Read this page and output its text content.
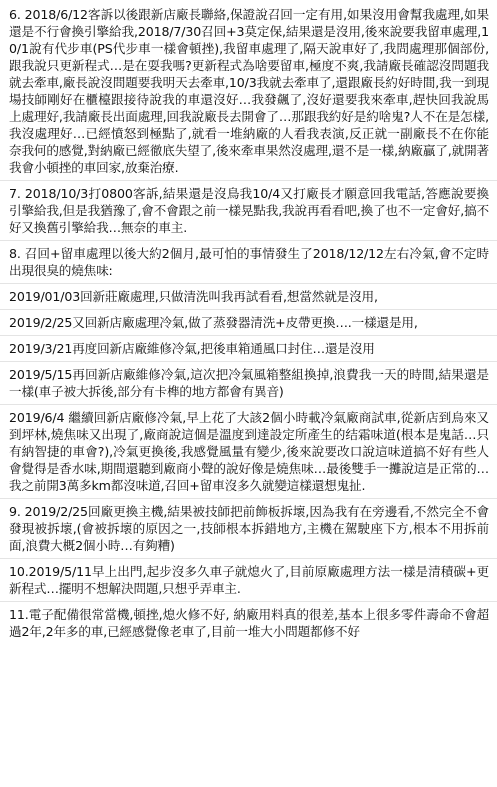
6. 2018/6/12客訴以後跟新店廠長聯絡,保證說召回一定有用,如果沒用會幫我處理,如果還是不行會換引擎給我,2018/7/30召回+3莫定保,結果還是沒用,後來說要我留車處理,10/1說有代步車(PS代步車一樣會頓挫),我留車處理了,隔天說車好了,我問處理那個部份,跟我說只更新程式…是在耍我嗎?更新程式為啥要留車,極度不爽,我請廠長確認沒問題我就去牽車,廠長說沒問題要我明天去牽車,10/3我就去牽車了,還跟廠長約好時間,我一到現場技師剛好在櫃檯跟接待說我的車還沒好…我發飆了,沒好還要我來牽車,趕快回我說馬上處理好,我請廠長出面處理,回我說廠長去開會了…那跟我約好是約啥鬼?人不在是怎樣,我沒處理好…已經憤怒到極點了,就看一堆納廠的人看我表演,反正就一副廠長不在你能奈我何的感覺,對納廠已經徹底失望了,後來牽車果然沒處理,還不是一樣,納廠贏了,就開著我會小頓挫的車回家,放棄治療.

7. 2018/10/3打0800客訴,結果還是沒鳥我10/4又打廠長才願意回我電話,答應說要換引擎給我,但是我猶豫了,會不會跟之前一樣晃點我,我說再看看吧,換了也不一定會好,搞不好又換舊引擎給我…無奈的車主.

8. 召回+留車處理以後大約2個月,最可怕的事情發生了2018/12/12左右冷氣,會不定時出現很臭的燒焦味:

2019/01/03回新莊廠處理,只做清洗叫我再試看看,想當然就是沒用,

2019/2/25又回新店廠處理冷氣,做了蒸發器清洗+皮帶更換….一樣還是用,

2019/3/21再度回新店廠維修冷氣,把後車箱通風口封住…還是沒用

2019/5/15再回新店廠維修冷氣,這次把冷氣風箱整組換掉,浪費我一天的時間,結果還是一樣(車子被大拆後,部分有卡榫的地方都會有異音)

2019/6/4 繼續回新店廠修冷氣,早上花了大該2個小時載冷氣廠商試車,從新店到烏來又到坪林,燒焦味又出現了,廠商說這個是溫度到達設定所產生的结霜味道(根本是鬼話…只有納智捷的車會?),冷氣更換後,我感覺風量有變少,後來說要改口說這味道搞不好有些人會覺得是香水味,期間還聽到廠商小聲的說好像是燒焦味…最後雙手一攤說這是正常的…我之前開3萬多km都沒味道,召回+留車沒多久就變這樣還想鬼扯.

9. 2019/2/25回廠更換主機,結果被技師把前飾板拆壞,因為我有在旁邊看,不然完全不會發現被拆壞,(會被拆壞的原因之一,技師根本拆錯地方,主機在駕駛座下方,根本不用拆前面,浪費大概2個小時…有夠糟)

10.2019/5/11早上出門,起步沒多久車子就熄火了,目前原廠處理方法一樣是清積碳+更新程式…擺明不想解決問題,只想乎弄車主.

11.電子配備很常當機,頓挫,熄火修不好, 納廠用料真的很差,基本上很多零件壽命不會超過2年,2年多的車,已經感覺像老車了,目前一堆大小問題都修不好
